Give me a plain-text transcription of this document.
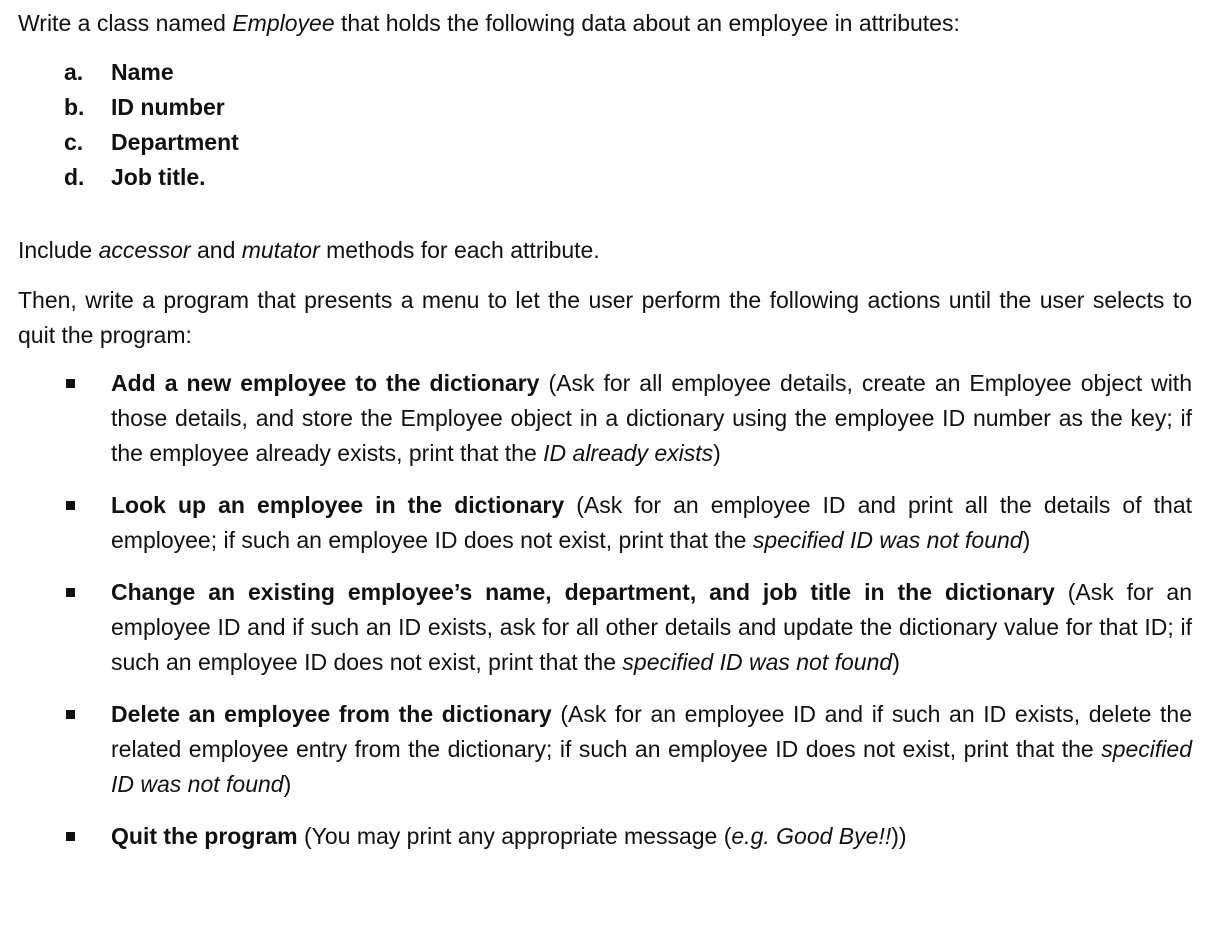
Write a class named Employee that holds the following data about an employee in attributes:

a. Name
b. ID number
c. Department
d. Job title.

Include accessor and mutator methods for each attribute.

Then, write a program that presents a menu to let the user perform the following actions until the user selects to quit the program:

Add a new employee to the dictionary (Ask for all employee details, create an Employee object with those details, and store the Employee object in a dictionary using the employee ID number as the key; if the employee already exists, print that the ID already exists)
Look up an employee in the dictionary (Ask for an employee ID and print all the details of that employee; if such an employee ID does not exist, print that the specified ID was not found)
Change an existing employee’s name, department, and job title in the dictionary (Ask for an employee ID and if such an ID exists, ask for all other details and update the dictionary value for that ID; if such an employee ID does not exist, print that the specified ID was not found)
Delete an employee from the dictionary (Ask for an employee ID and if such an ID exists, delete the related employee entry from the dictionary; if such an employee ID does not exist, print that the specified ID was not found)
Quit the program (You may print any appropriate message (e.g. Good Bye!!))
